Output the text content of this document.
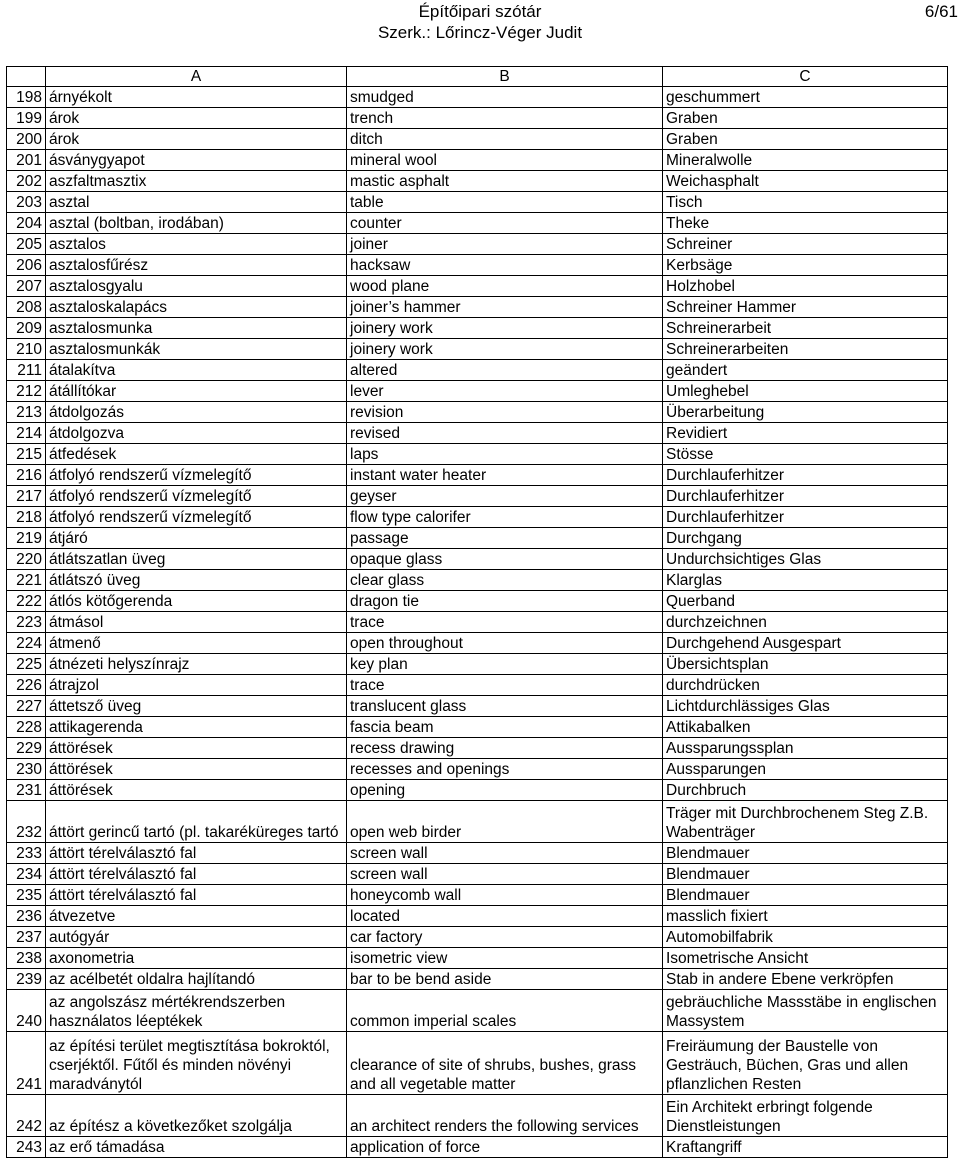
Építőipari szótár
Szerk.: Lőrincz-Véger Judit
6/61
	A	B	C
198	árnyékolt	smudged	geschummert
199	árok	trench	Graben
200	árok	ditch	Graben
201	ásványgyapot	mineral wool	Mineralwolle
202	aszfaltmasztix	mastic asphalt	Weichasphalt
203	asztal	table	Tisch
204	asztal (boltban, irodában)	counter	Theke
205	asztalos	joiner	Schreiner
206	asztalosfűrész	hacksaw	Kerbsäge
207	asztalosgyalu	wood plane	Holzhobel
208	asztaloskalapács	joiner’s hammer	Schreiner Hammer
209	asztalosmunka	joinery work	Schreinerarbeit
210	asztalosmunkák	joinery work	Schreinerarbeiten
211	átalakítva	altered	geändert
212	átállítókar	lever	Umleghebel
213	átdolgozás	revision	Überarbeitung
214	átdolgozva	revised	Revidiert
215	átfedések	laps	Stösse
216	átfolyó rendszerű vízmelegítő	instant water heater	Durchlauferhitzer
217	átfolyó rendszerű vízmelegítő	geyser	Durchlauferhitzer
218	átfolyó rendszerű vízmelegítő	flow type calorifer	Durchlauferhitzer
219	átjáró	passage	Durchgang
220	átlátszatlan üveg	opaque glass	Undurchsichtiges Glas
221	átlátszó üveg	clear glass	Klarglas
222	átlós kötőgerenda	dragon tie	Querband
223	átmásol	trace	durchzeichnen
224	átmenő	open throughout	Durchgehend Ausgespart
225	átnézeti helyszínrajz	key plan	Übersichtsplan
226	átrajzol	trace	durchdrücken
227	áttetsző üveg	translucent glass	Lichtdurchlässiges Glas
228	attikagerenda	fascia beam	Attikabalken
229	áttörések	recess drawing	Aussparungssplan
230	áttörések	recesses and openings	Aussparungen
231	áttörések	opening	Durchbruch
232	áttört gerincű tartó (pl. takaréküreges tartó	open web birder	Träger mit Durchbrochenem Steg Z.B. Wabenträger
233	áttört térelválasztó fal	screen wall	Blendmauer
234	áttört térelválasztó fal	screen wall	Blendmauer
235	áttört térelválasztó fal	honeycomb wall	Blendmauer
236	átvezetve	located	masslich fixiert
237	autógyár	car factory	Automobilfabrik
238	axonometria	isometric view	Isometrische Ansicht
239	az acélbetét oldalra hajlítandó	bar to be bend aside	Stab in andere Ebene verkröpfen
240	az angolszász mértékrendszerben használatos léeptékek	common imperial scales	gebräuchliche Massstäbe in englischen Massystem
241	az építési terület megtisztítása bokroktól, cserjéktől. Fűtől és minden növényi maradványtól	clearance of site of shrubs, bushes, grass and all vegetable matter	Freiräumung der Baustelle von Gesträuch, Büchen, Gras und allen pflanzlichen Resten
242	az építész a következőket szolgálja	an architect renders the following services	Ein Architekt erbringt folgende Dienstleistungen
243	az erő támadása	application of force	Kraftangriff
